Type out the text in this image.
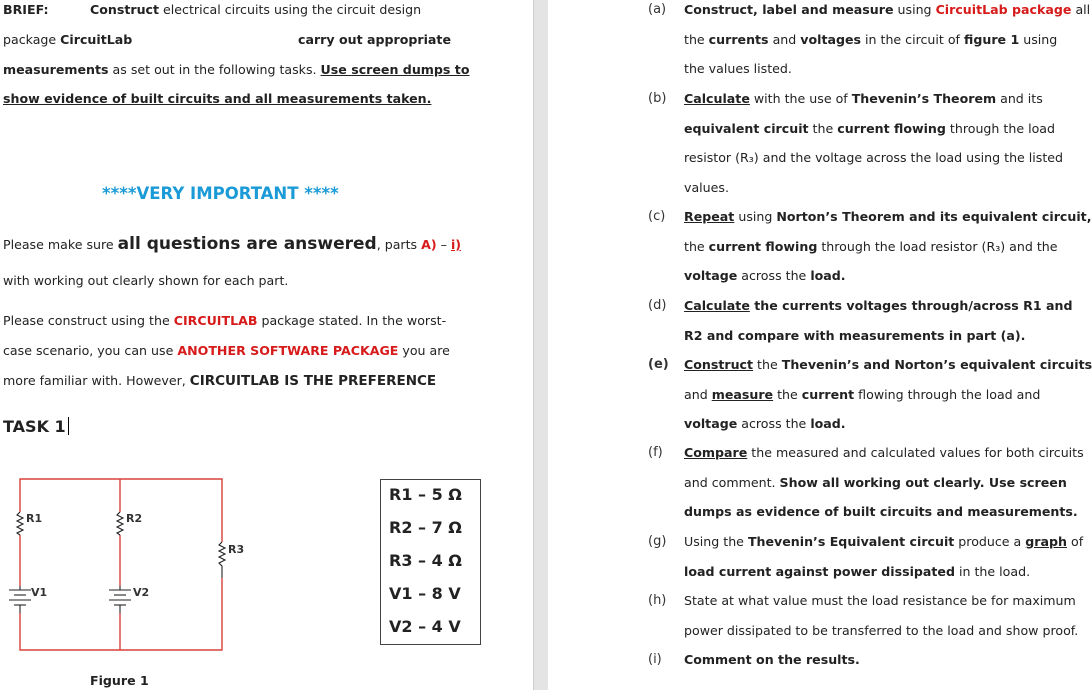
BRIEF:	Construct electrical circuits using the circuit design
package CircuitLab	carry out appropriate
measurements as set out in the following tasks. Use screen dumps to
show evidence of built circuits and all measurements taken.
****VERY IMPORTANT ****
Please make sure all questions are answered, parts A) – i)
with working out clearly shown for each part.
Please construct using the CIRCUITLAB package stated. In the worst-
case scenario, you can use ANOTHER SOFTWARE PACKAGE you are
more familiar with. However, CIRCUITLAB IS THE PREFERENCE
TASK 1
R1	R2
R3
V1	V2
Figure 1
R1 – 5 Ω
R2 – 7 Ω
R3 – 4 Ω
V1 – 8 V
V2 – 4 V
(a) Construct, label and measure using CircuitLab package all
the currents and voltages in the circuit of figure 1 using
the values listed.
(b) Calculate with the use of Thevenin’s Theorem and its
equivalent circuit the current flowing through the load
resistor (R₃) and the voltage across the load using the listed
values.
(c) Repeat using Norton’s Theorem and its equivalent circuit,
the current flowing through the load resistor (R₃) and the
voltage across the load.
(d) Calculate the currents voltages through/across R1 and
R2 and compare with measurements in part (a).
(e) Construct the Thevenin’s and Norton’s equivalent circuits
and measure the current flowing through the load and
voltage across the load.
(f) Compare the measured and calculated values for both circuits
and comment. Show all working out clearly. Use screen
dumps as evidence of built circuits and measurements.
(g) Using the Thevenin’s Equivalent circuit produce a graph of
load current against power dissipated in the load.
(h) State at what value must the load resistance be for maximum
power dissipated to be transferred to the load and show proof.
(i) Comment on the results.
